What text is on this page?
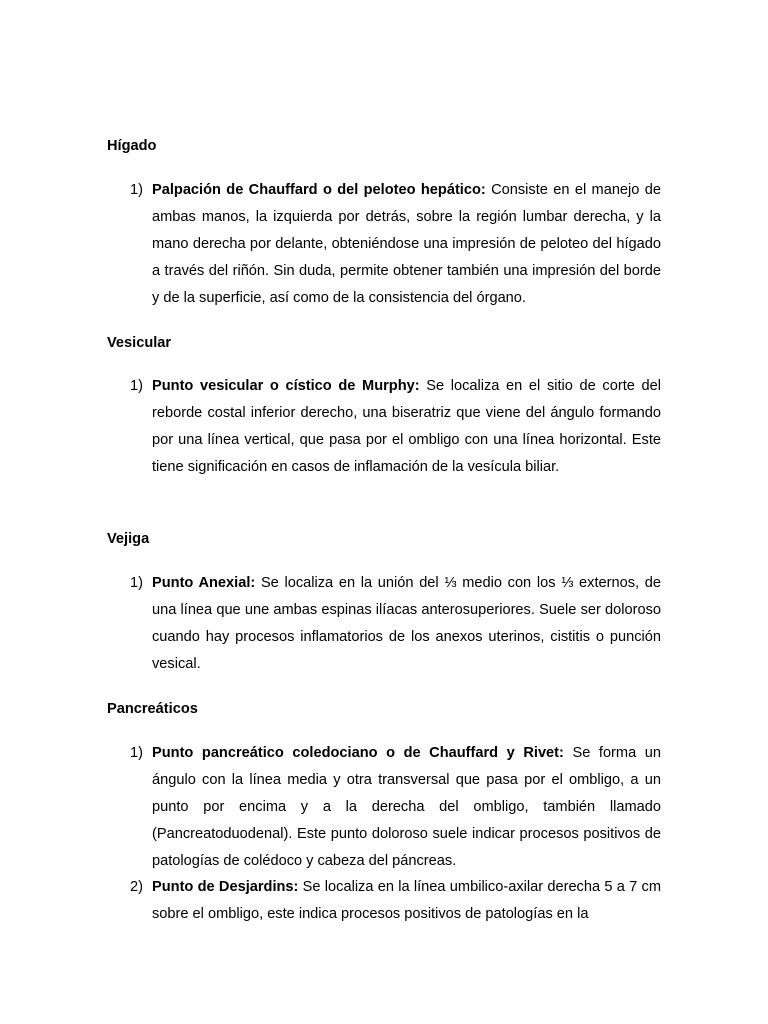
Hígado
1) Palpación de Chauffard o del peloteo hepático: Consiste en el manejo de ambas manos, la izquierda por detrás, sobre la región lumbar derecha, y la mano derecha por delante, obteniéndose una impresión de peloteo del hígado a través del riñón. Sin duda, permite obtener también una impresión del borde y de la superficie, así como de la consistencia del órgano.
Vesicular
1) Punto vesicular o cístico de Murphy: Se localiza en el sitio de corte del reborde costal inferior derecho, una biseratriz que viene del ángulo formando por una línea vertical, que pasa por el ombligo con una línea horizontal. Este tiene significación en casos de inflamación de la vesícula biliar.
Vejiga
1) Punto Anexial: Se localiza en la unión del ⅓ medio con los ⅓ externos, de una línea que une ambas espinas ilíacas anterosuperiores. Suele ser doloroso cuando hay procesos inflamatorios de los anexos uterinos, cistitis o punción vesical.
Pancreáticos
1) Punto pancreático coledociano o de Chauffard y Rivet: Se forma un ángulo con la línea media y otra transversal que pasa por el ombligo, a un punto por encima y a la derecha del ombligo, también llamado (Pancreatoduodenal). Este punto doloroso suele indicar procesos positivos de patologías de colédoco y cabeza del páncreas.
2) Punto de Desjardins: Se localiza en la línea umbilico-axilar derecha 5 a 7 cm sobre el ombligo, este indica procesos positivos de patologías en la
